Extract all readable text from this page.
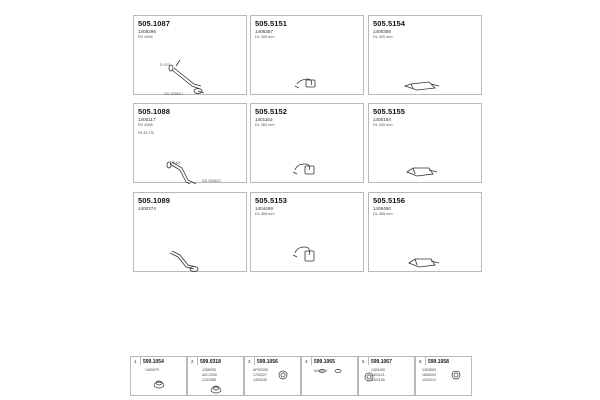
505.1087
1405296
FD 4068
D 070
DD 2008/01
505.5151
1406357
DL 305 mm
505.5154
1406358
DL 320 mm
505.1088
1405117
FD 4068
FA 40.170
D2.KA
DD 2008/01
505.5152
1401163
DL 360 mm
505.5155
1406164
DL 330 mm
505.1089
1400274
505.5153
1404499
DL 465 mm
505.5156
1406450
DL 465 mm
1 599.1054
1400075
2 599.0318
1258053
A2C2030
1231955
3 599.1056
AP92005
1703227
1403440
4 599.1065
M10K50
5 599.1067
1405160
1401121
1401155
6 599.1058
1403553
1806200
1410212
